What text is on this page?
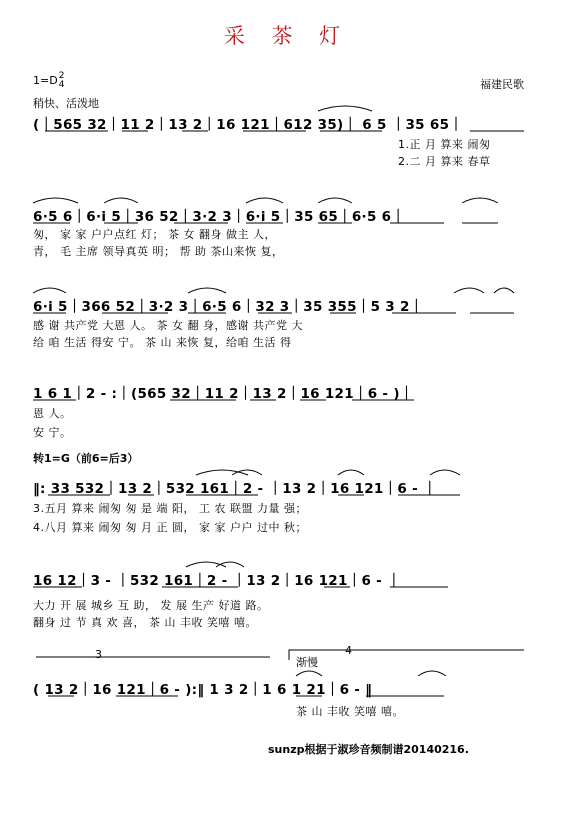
采 茶 灯
1=D 2
4	福建民歌
稍快、活泼地
(｜565 32｜11 2｜13 2｜16 121｜612 35)｜ 6 5 ｜35 65｜
1.正 月 算来 闹匆
2.二 月 算来 春草
6·5 6｜6·i 5｜36 52｜3·2 3｜6·i 5｜35 65｜6·5 6｜
匆， 家 家 户户点红 灯； 茶 女 翻身 做主 人，
青， 毛 主席 领导真英 明； 帮 助 茶山来恢 复，
6·i 5｜366 52｜3·2 3｜6·5 6｜32 3｜35 355｜5 3 2｜
感 谢 共产党 大恩 人。 茶 女 翻 身，感谢 共产党 大
给 咱 生活 得安 宁。 茶 山 来恢 复，给咱 生活 得
1 6 1｜2 - :｜(565 32｜11 2｜13 2｜16 121｜6 - )｜
恩 人。
安 宁。
转1=G（前6=后3）
‖: 33 532｜13 2｜532 161｜2 - ｜13 2｜16 121｜6 - ｜
3.五月 算来 闹匆 匆 是 端 阳， 工 农 联盟 力量 强；
4.八月 算来 闹匆 匆 月 正 圆， 家 家 户户 过中 秋；
16 12｜3 - ｜532 161｜2 - ｜13 2｜16 121｜6 - ｜
大力 开 展 城乡 互 助， 发 展 生产 好道 路。
翻身 过 节 真 欢 喜， 茶 山 丰收 笑嘻 嘻。
3	4
渐慢
( 13 2｜16 121｜6 - ):‖ 1 3 2｜1 6 1 21｜6 - ‖
茶 山 丰收 笑嘻 嘻。
sunzp根据于淑珍音频制谱20140216.
